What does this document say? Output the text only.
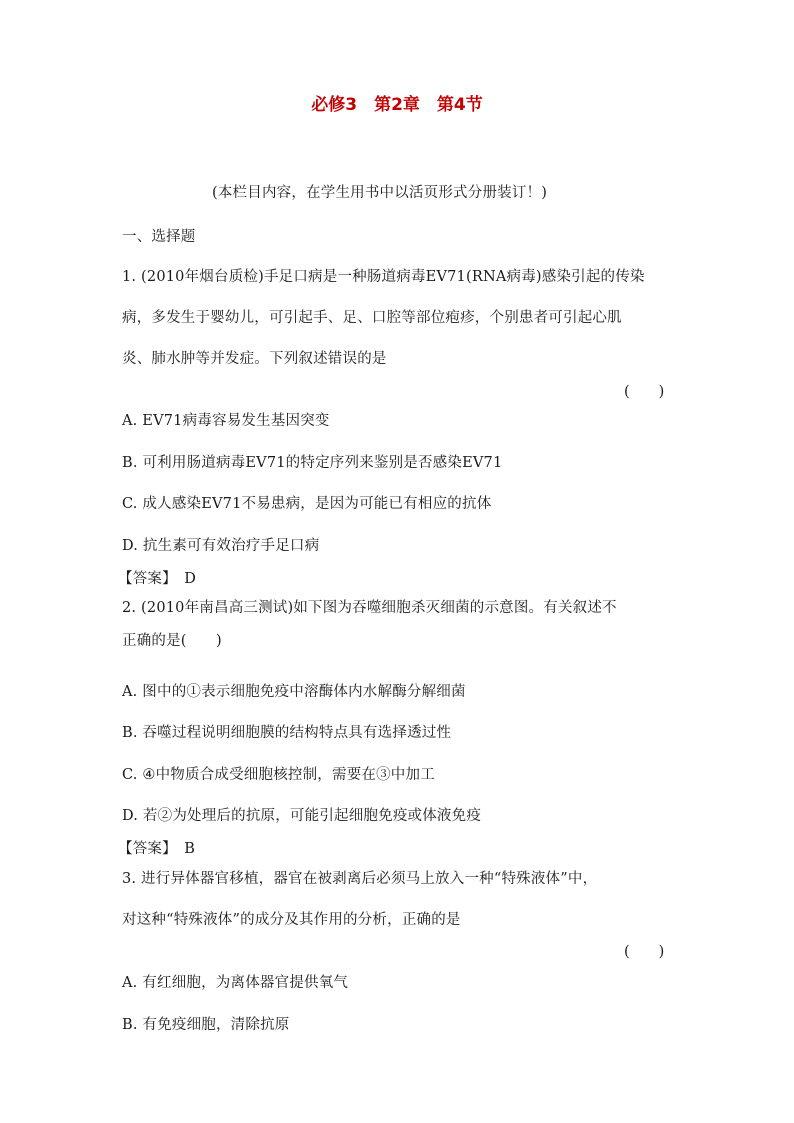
必修3　第2章　第4节
(本栏目内容，在学生用书中以活页形式分册装订！)
一、选择题
1. (2010年烟台质检)手足口病是一种肠道病毒EV71(RNA病毒)感染引起的传染
病，多发生于婴幼儿，可引起手、足、口腔等部位疱疹，个别患者可引起心肌
炎、肺水肿等并发症。下列叙述错误的是
(　　)
A. EV71病毒容易发生基因突变
B. 可利用肠道病毒EV71的特定序列来鉴别是否感染EV71
C. 成人感染EV71不易患病，是因为可能已有相应的抗体
D. 抗生素可有效治疗手足口病
【答案】　D
2. (2010年南昌高三测试)如下图为吞噬细胞杀灭细菌的示意图。有关叙述不
正确的是(　　)
A. 图中的①表示细胞免疫中溶酶体内水解酶分解细菌
B. 吞噬过程说明细胞膜的结构特点具有选择透过性
C. ④中物质合成受细胞核控制，需要在③中加工
D. 若②为处理后的抗原，可能引起细胞免疫或体液免疫
【答案】　B
3. 进行异体器官移植，器官在被剥离后必须马上放入一种“特殊液体”中，
对这种“特殊液体”的成分及其作用的分析，正确的是
(　　)
A. 有红细胞，为离体器官提供氧气
B. 有免疫细胞，清除抗原
